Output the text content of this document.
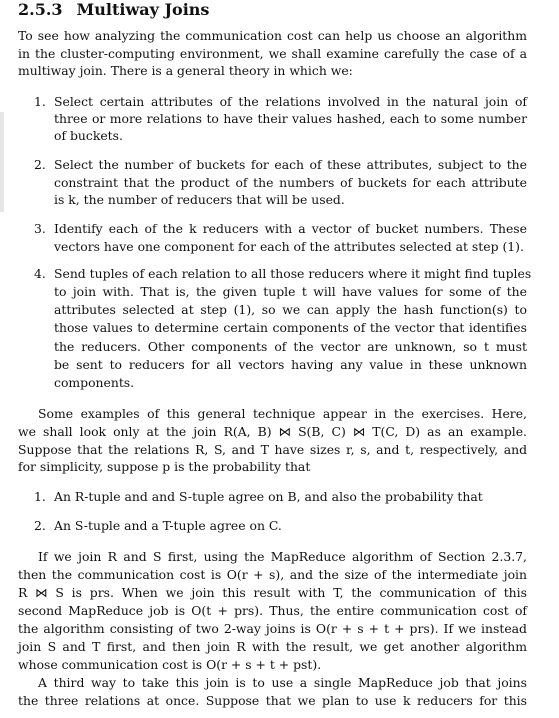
2.5.3 Multiway Joins
To see how analyzing the communication cost can help us choose an algorithm
in the cluster-computing environment, we shall examine carefully the case of a
multiway join. There is a general theory in which we:
1. Select certain attributes of the relations involved in the natural join of
three or more relations to have their values hashed, each to some number
of buckets.
2. Select the number of buckets for each of these attributes, subject to the
constraint that the product of the numbers of buckets for each attribute
is k, the number of reducers that will be used.
3. Identify each of the k reducers with a vector of bucket numbers. These
vectors have one component for each of the attributes selected at step (1).
4. Send tuples of each relation to all those reducers where it might find tuples
to join with. That is, the given tuple t will have values for some of the
attributes selected at step (1), so we can apply the hash function(s) to
those values to determine certain components of the vector that identifies
the reducers. Other components of the vector are unknown, so t must
be sent to reducers for all vectors having any value in these unknown
components.
Some examples of this general technique appear in the exercises. Here,
we shall look only at the join R(A, B) ⋈ S(B, C) ⋈ T(C, D) as an example.
Suppose that the relations R, S, and T have sizes r, s, and t, respectively, and
for simplicity, suppose p is the probability that
1. An R-tuple and and S-tuple agree on B, and also the probability that
2. An S-tuple and a T-tuple agree on C.
If we join R and S first, using the MapReduce algorithm of Section 2.3.7,
then the communication cost is O(r + s), and the size of the intermediate join
R ⋈ S is prs. When we join this result with T, the communication of this
second MapReduce job is O(t + prs). Thus, the entire communication cost of
the algorithm consisting of two 2-way joins is O(r + s + t + prs). If we instead
join S and T first, and then join R with the result, we get another algorithm
whose communication cost is O(r + s + t + pst).
A third way to take this join is to use a single MapReduce job that joins
the three relations at once. Suppose that we plan to use k reducers for this
